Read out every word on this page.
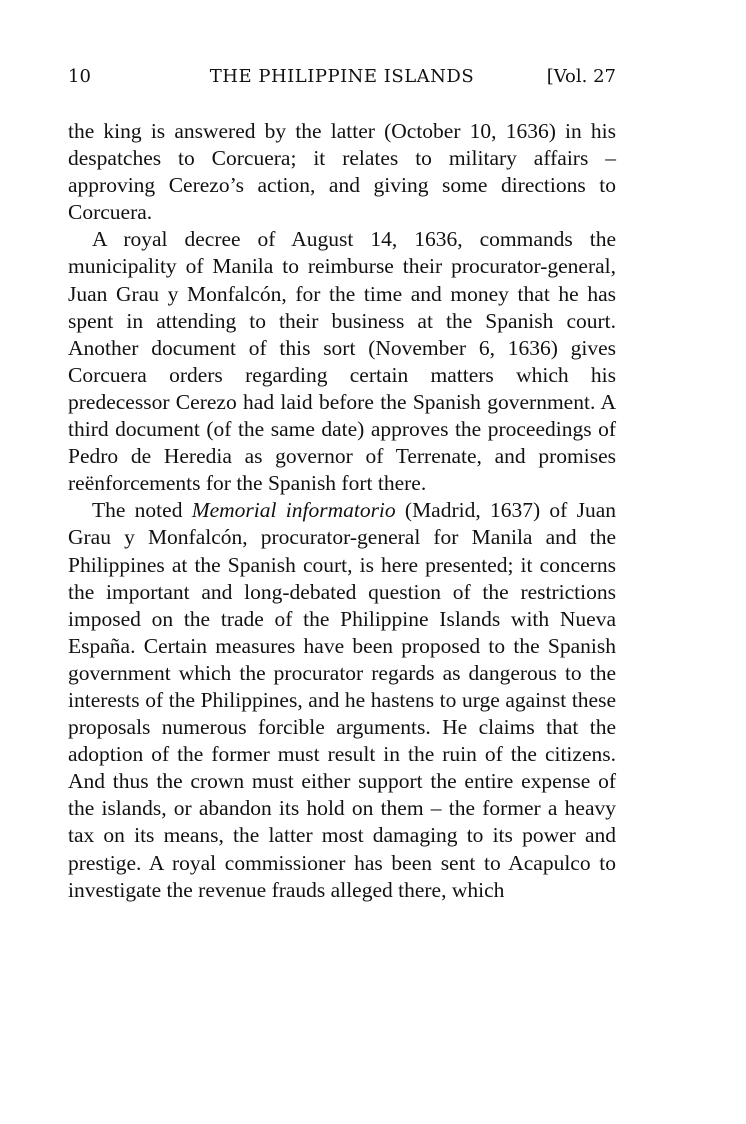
10	THE PHILIPPINE ISLANDS	[Vol. 27

the king is answered by the latter (October 10, 1636) in his despatches to Corcuera; it relates to military affairs – approving Cerezo’s action, and giving some directions to Corcuera.

A royal decree of August 14, 1636, commands the municipality of Manila to reimburse their procurator-general, Juan Grau y Monfalcón, for the time and money that he has spent in attending to their business at the Spanish court. Another document of this sort (November 6, 1636) gives Corcuera orders regarding certain matters which his predecessor Cerezo had laid before the Spanish government. A third document (of the same date) approves the proceedings of Pedro de Heredia as governor of Terrenate, and promises reënforcements for the Spanish fort there.

The noted Memorial informatorio (Madrid, 1637) of Juan Grau y Monfalcón, procurator-general for Manila and the Philippines at the Spanish court, is here presented; it concerns the important and long-debated question of the restrictions imposed on the trade of the Philippine Islands with Nueva España. Certain measures have been proposed to the Spanish government which the procurator regards as dangerous to the interests of the Philippines, and he hastens to urge against these proposals numerous forcible arguments. He claims that the adoption of the former must result in the ruin of the citizens. And thus the crown must either support the entire expense of the islands, or abandon its hold on them – the former a heavy tax on its means, the latter most damaging to its power and prestige. A royal commissioner has been sent to Acapulco to investigate the revenue frauds alleged there, which
